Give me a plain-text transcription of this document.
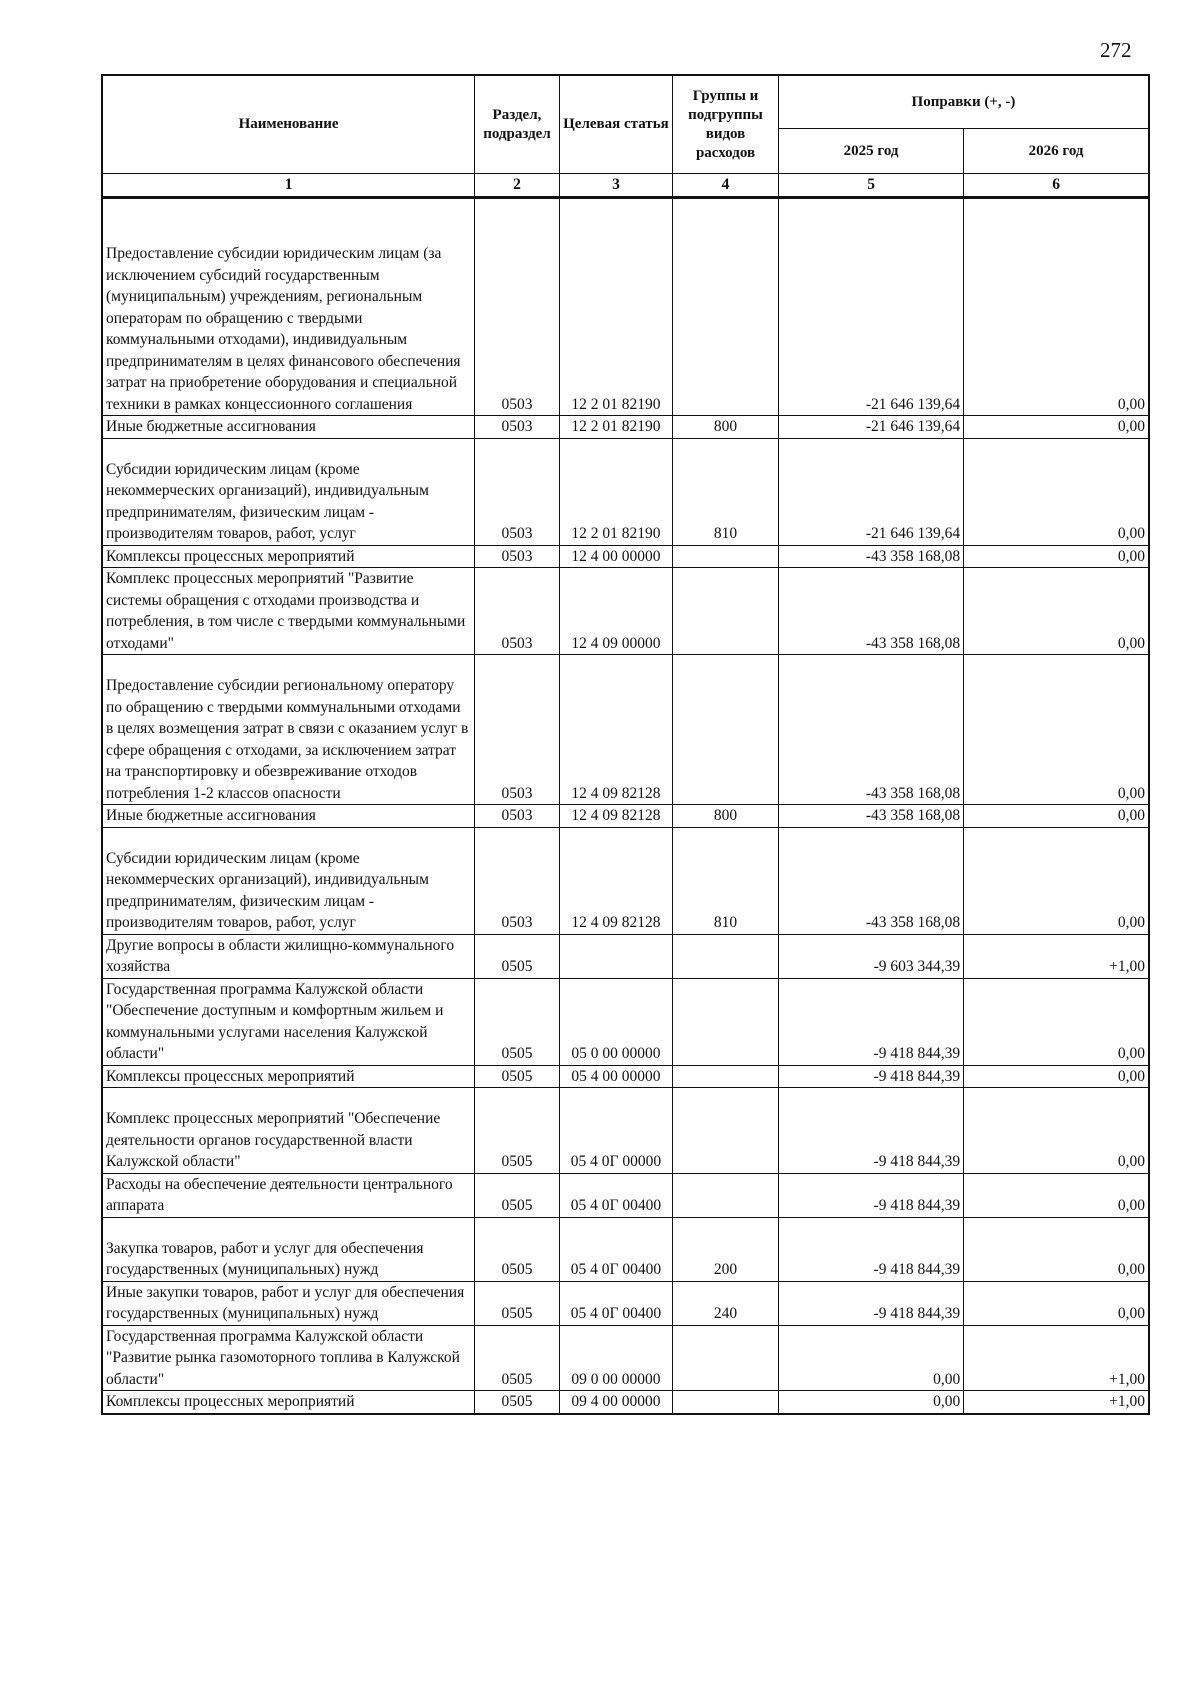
272
Наименование	Раздел, подраздел	Целевая статья	Группы и подгруппы видов расходов	Поправки (+, -)	
				2025 год	2026 год
1	2	3	4	5	6
Предоставление субсидии юридическим лицам (за исключением субсидий государственным (муниципальным) учреждениям, региональным операторам по обращению с твердыми коммунальными отходами), индивидуальным предпринимателям в целях финансового обеспечения затрат на приобретение оборудования и специальной техники в рамках концессионного соглашения	0503	12 2 01 82190		-21 646 139,64	0,00
Иные бюджетные ассигнования	0503	12 2 01 82190	800	-21 646 139,64	0,00
Субсидии юридическим лицам (кроме некоммерческих организаций), индивидуальным предпринимателям, физическим лицам - производителям товаров, работ, услуг	0503	12 2 01 82190	810	-21 646 139,64	0,00
Комплексы процессных мероприятий	0503	12 4 00 00000		-43 358 168,08	0,00
Комплекс процессных мероприятий "Развитие системы обращения с отходами производства и потребления, в том числе с твердыми коммунальными отходами"	0503	12 4 09 00000		-43 358 168,08	0,00
Предоставление субсидии региональному оператору по обращению с твердыми коммунальными отходами в целях возмещения затрат в связи с оказанием услуг в сфере обращения с отходами, за исключением затрат на транспортировку и обезвреживание отходов потребления 1-2 классов опасности	0503	12 4 09 82128		-43 358 168,08	0,00
Иные бюджетные ассигнования	0503	12 4 09 82128	800	-43 358 168,08	0,00
Субсидии юридическим лицам (кроме некоммерческих организаций), индивидуальным предпринимателям, физическим лицам - производителям товаров, работ, услуг	0503	12 4 09 82128	810	-43 358 168,08	0,00
Другие вопросы в области жилищно-коммунального хозяйства	0505			-9 603 344,39	+1,00
Государственная программа Калужской области "Обеспечение доступным и комфортным жильем и коммунальными услугами населения Калужской области"	0505	05 0 00 00000		-9 418 844,39	0,00
Комплексы процессных мероприятий	0505	05 4 00 00000		-9 418 844,39	0,00
Комплекс процессных мероприятий "Обеспечение деятельности органов государственной власти Калужской области"	0505	05 4 0Г 00000		-9 418 844,39	0,00
Расходы на обеспечение деятельности центрального аппарата	0505	05 4 0Г 00400		-9 418 844,39	0,00
Закупка товаров, работ и услуг для обеспечения государственных (муниципальных) нужд	0505	05 4 0Г 00400	200	-9 418 844,39	0,00
Иные закупки товаров, работ и услуг для обеспечения государственных (муниципальных) нужд	0505	05 4 0Г 00400	240	-9 418 844,39	0,00
Государственная программа Калужской области "Развитие рынка газомоторного топлива в Калужской области"	0505	09 0 00 00000		0,00	+1,00
Комплексы процессных мероприятий	0505	09 4 00 00000		0,00	+1,00
